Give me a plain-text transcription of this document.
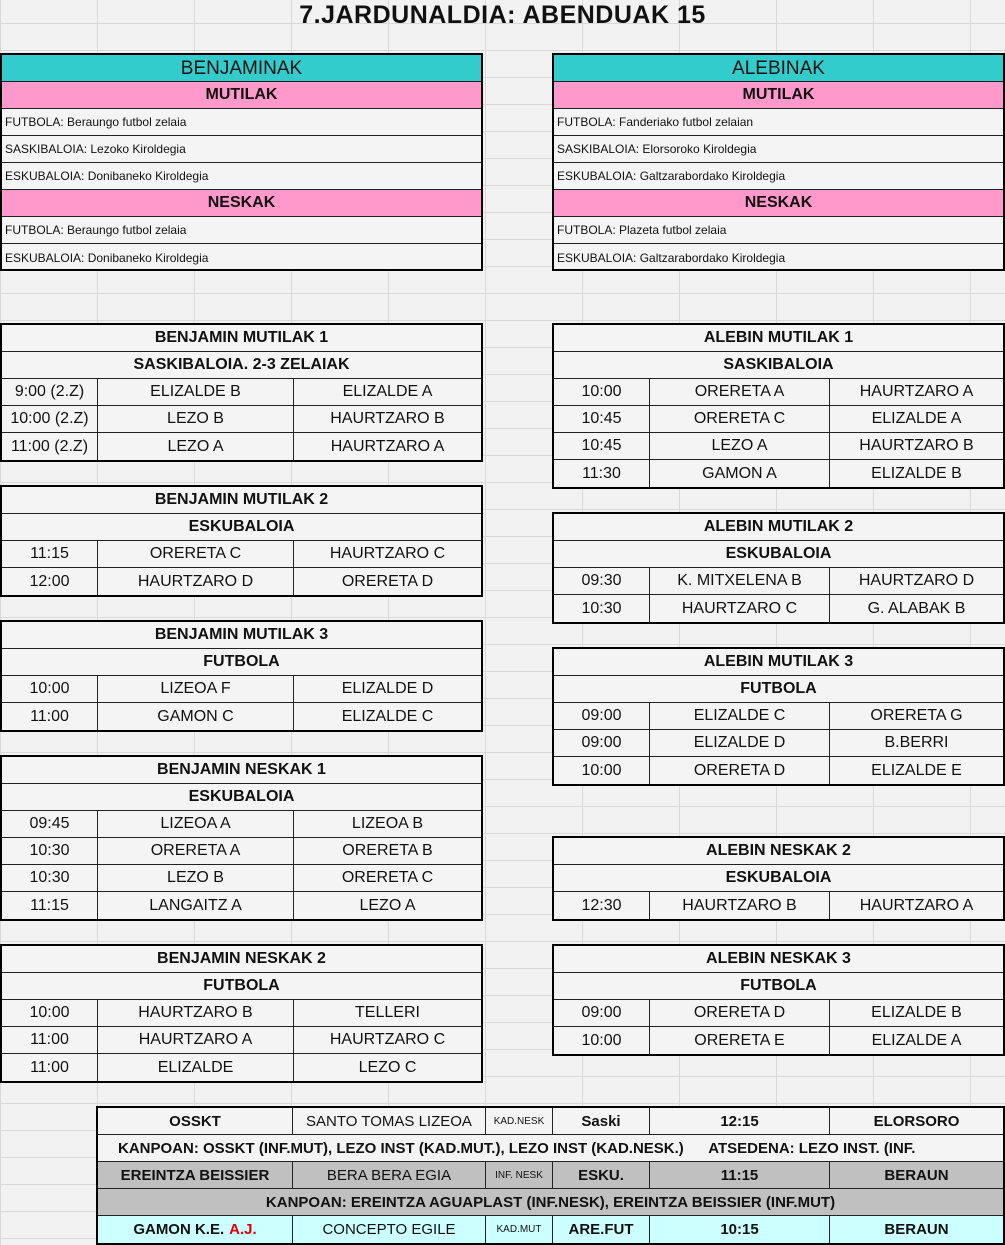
7.JARDUNALDIA: ABENDUAK 15
BENJAMINAK
MUTILAK
FUTBOLA: Beraungo futbol zelaia
SASKIBALOIA: Lezoko Kiroldegia
ESKUBALOIA: Donibaneko Kiroldegia
NESKAK
FUTBOLA: Beraungo futbol zelaia
ESKUBALOIA: Donibaneko Kiroldegia
ALEBINAK
MUTILAK
FUTBOLA: Fanderiako futbol zelaian
SASKIBALOIA: Elorsoroko Kiroldegia
ESKUBALOIA: Galtzarabordako Kiroldegia
NESKAK
FUTBOLA: Plazeta futbol zelaia
ESKUBALOIA: Galtzarabordako Kiroldegia
BENJAMIN MUTILAK 1
SASKIBALOIA. 2-3 ZELAIAK
9:00 (2.Z)	ELIZALDE B	ELIZALDE A
10:00 (2.Z)	LEZO B	HAURTZARO B
11:00 (2.Z)	LEZO A	HAURTZARO A
BENJAMIN MUTILAK 2
ESKUBALOIA
11:15	ORERETA C	HAURTZARO C
12:00	HAURTZARO D	ORERETA D
BENJAMIN MUTILAK 3
FUTBOLA
10:00	LIZEOA F	ELIZALDE D
11:00	GAMON C	ELIZALDE C
BENJAMIN NESKAK 1
ESKUBALOIA
09:45	LIZEOA A	LIZEOA B
10:30	ORERETA A	ORERETA B
10:30	LEZO B	ORERETA C
11:15	LANGAITZ A	LEZO A
BENJAMIN NESKAK 2
FUTBOLA
10:00	HAURTZARO B	TELLERI
11:00	HAURTZARO A	HAURTZARO C
11:00	ELIZALDE	LEZO C
ALEBIN MUTILAK 1
SASKIBALOIA
10:00	ORERETA A	HAURTZARO A
10:45	ORERETA C	ELIZALDE A
10:45	LEZO A	HAURTZARO B
11:30	GAMON A	ELIZALDE B
ALEBIN MUTILAK 2
ESKUBALOIA
09:30	K. MITXELENA B	HAURTZARO D
10:30	HAURTZARO C	G. ALABAK B
ALEBIN MUTILAK 3
FUTBOLA
09:00	ELIZALDE C	ORERETA G
09:00	ELIZALDE D	B.BERRI
10:00	ORERETA D	ELIZALDE E
ALEBIN NESKAK 2
ESKUBALOIA
12:30	HAURTZARO B	HAURTZARO A
ALEBIN NESKAK 3
FUTBOLA
09:00	ORERETA D	ELIZALDE B
10:00	ORERETA E	ELIZALDE A
OSSKT	SANTO TOMAS LIZEOA	KAD.NESK	Saski	12:15	ELORSORO
KANPOAN: OSSKT (INF.MUT), LEZO INST (KAD.MUT.), LEZO INST (KAD.NESK.)      ATSEDENA: LEZO INST. (INF.
EREINTZA BEISSIER	BERA BERA EGIA	INF. NESK	ESKU.	11:15	BERAUN
KANPOAN: EREINTZA AGUAPLAST (INF.NESK), EREINTZA BEISSIER (INF.MUT)
GAMON K.E. A.J.	CONCEPTO EGILE	KAD.MUT	ARE.FUT	10:15	BERAUN
